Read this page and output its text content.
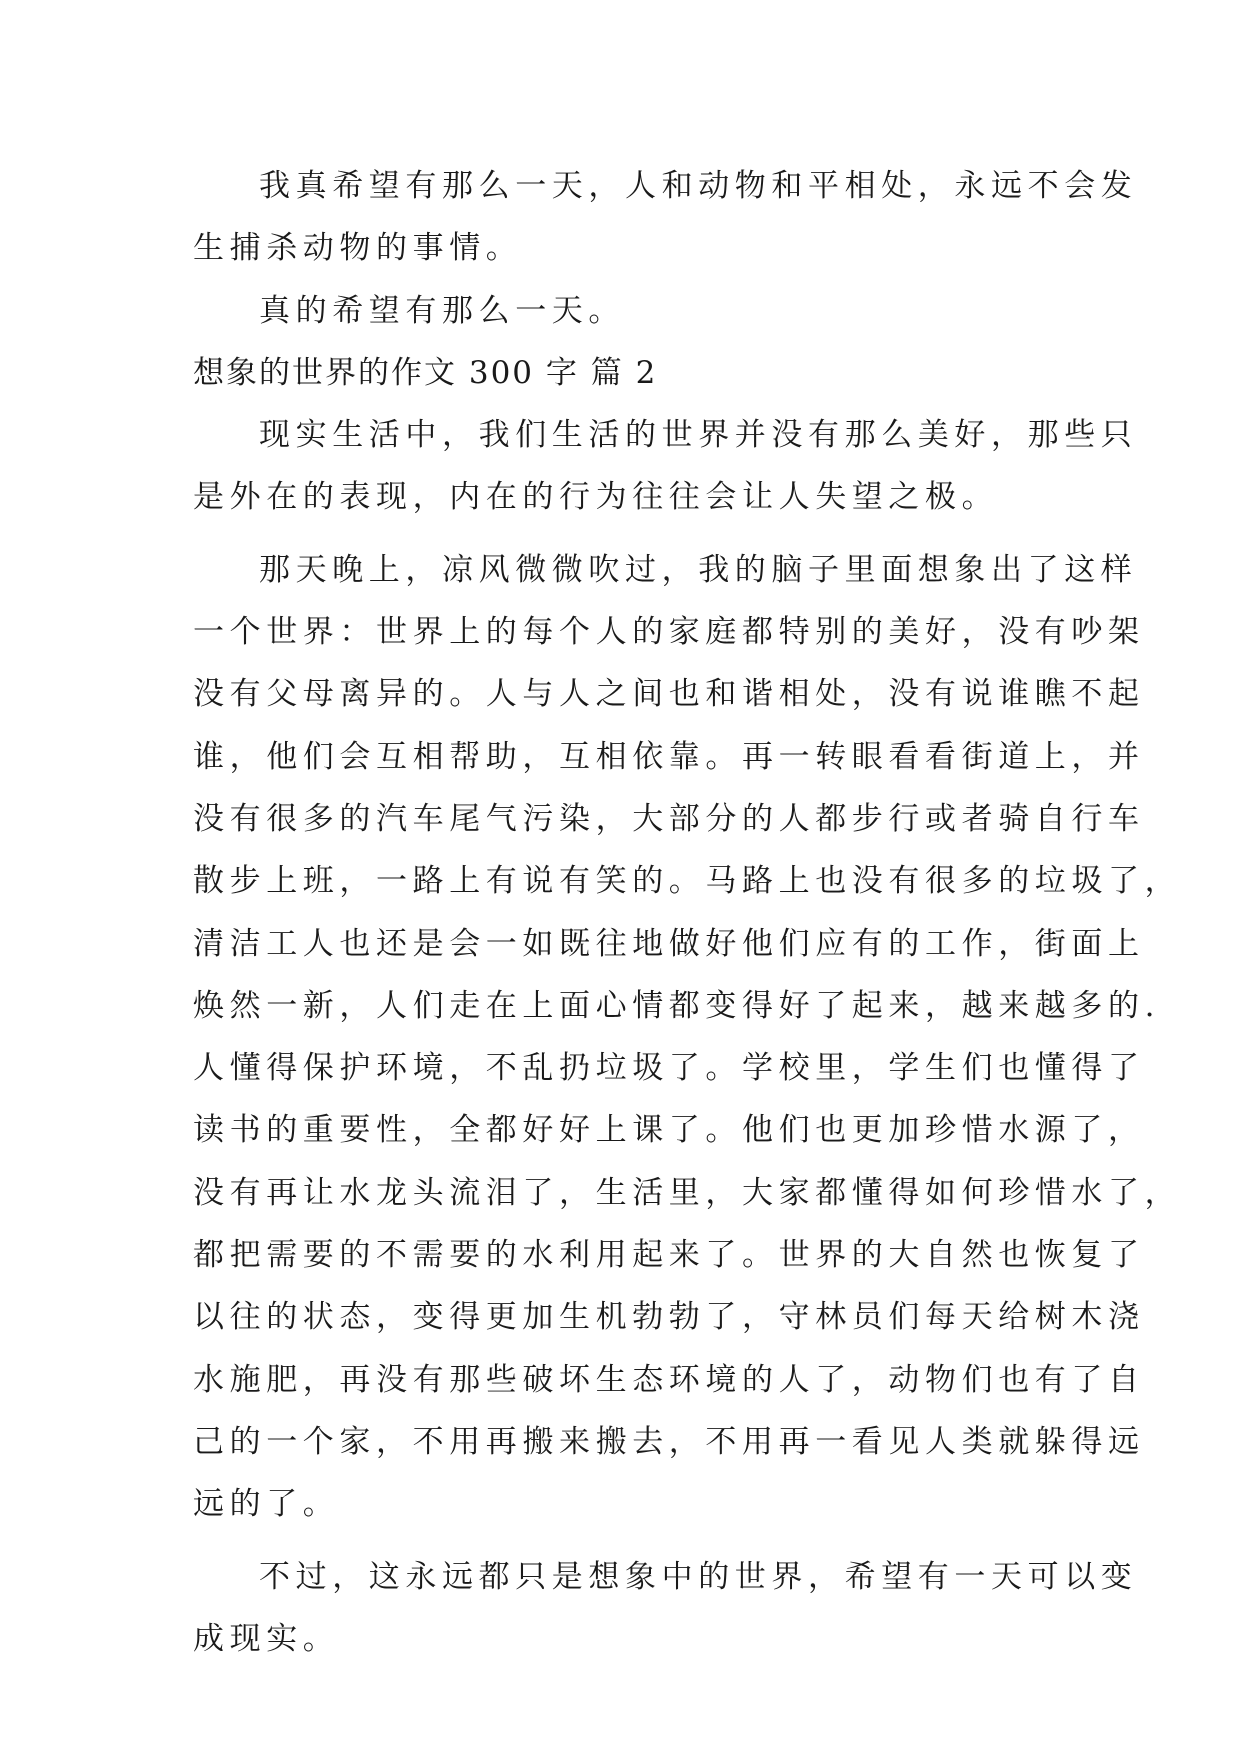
我真希望有那么一天，人和动物和平相处，永远不会发
生捕杀动物的事情。
真的希望有那么一天。
想象的世界的作文 300 字 篇 2
现实生活中，我们生活的世界并没有那么美好，那些只
是外在的表现，内在的行为往往会让人失望之极。
那天晚上，凉风微微吹过，我的脑子里面想象出了这样
一个世界：世界上的每个人的家庭都特别的美好，没有吵架
没有父母离异的。人与人之间也和谐相处，没有说谁瞧不起
谁，他们会互相帮助，互相依靠。再一转眼看看街道上，并
没有很多的汽车尾气污染，大部分的人都步行或者骑自行车
散步上班，一路上有说有笑的。马路上也没有很多的垃圾了，
清洁工人也还是会一如既往地做好他们应有的工作，街面上
焕然一新，人们走在上面心情都变得好了起来，越来越多的.
人懂得保护环境，不乱扔垃圾了。学校里，学生们也懂得了
读书的重要性，全都好好上课了。他们也更加珍惜水源了，
没有再让水龙头流泪了，生活里，大家都懂得如何珍惜水了，
都把需要的不需要的水利用起来了。世界的大自然也恢复了
以往的状态，变得更加生机勃勃了，守林员们每天给树木浇
水施肥，再没有那些破坏生态环境的人了，动物们也有了自
己的一个家，不用再搬来搬去，不用再一看见人类就躲得远
远的了。
不过，这永远都只是想象中的世界，希望有一天可以变
成现实。
